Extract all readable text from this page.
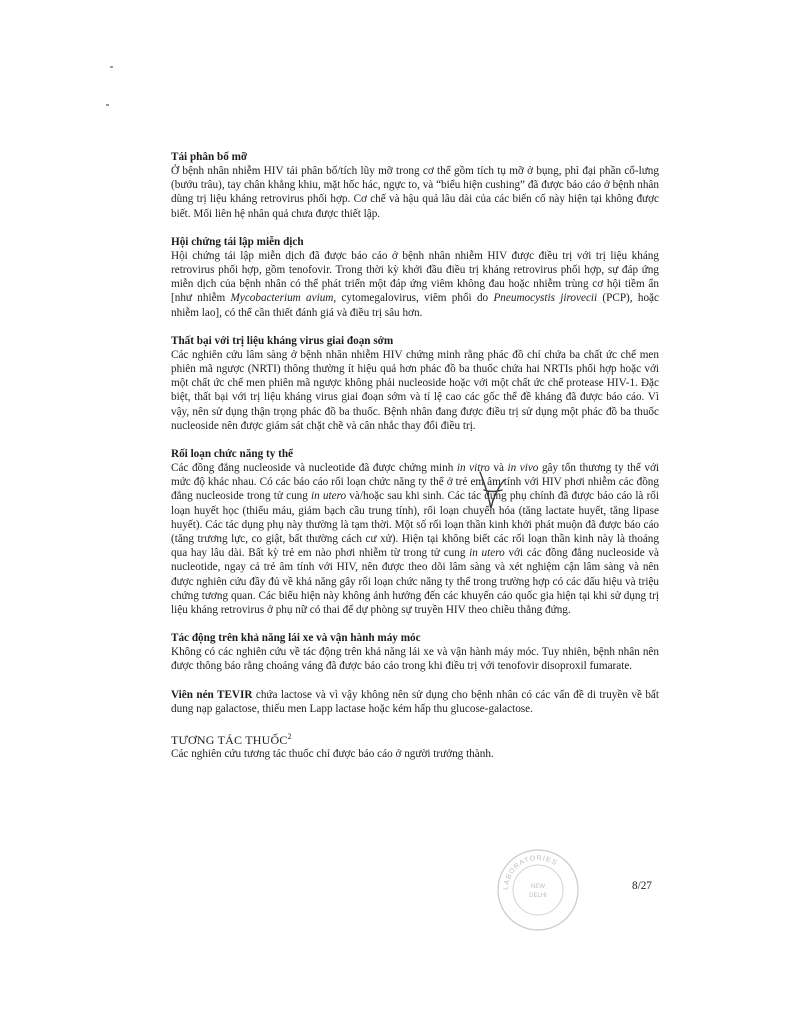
Tái phân bố mỡ

Ở bệnh nhân nhiễm HIV tái phân bố/tích lũy mỡ trong cơ thể gồm tích tụ mỡ ở bụng, phì đại phần cổ-lưng (bướu trâu), tay chân khẳng khiu, mặt hốc hác, ngực to, và “biểu hiện cushing” đã được báo cáo ở bệnh nhân dùng trị liệu kháng retrovirus phối hợp. Cơ chế và hậu quả lâu dài của các biến cố này hiện tại không được biết. Mối liên hệ nhân quả chưa được thiết lập.

Hội chứng tái lập miễn dịch

Hội chứng tái lập miễn dịch đã được báo cáo ở bệnh nhân nhiễm HIV được điều trị với trị liệu kháng retrovirus phối hợp, gồm tenofovir. Trong thời kỳ khởi đầu điều trị kháng retrovirus phối hợp, sự đáp ứng miễn dịch của bệnh nhân có thể phát triển một đáp ứng viêm không đau hoặc nhiễm trùng cơ hội tiềm ẩn [như nhiễm Mycobacterium avium, cytomegalovirus, viêm phổi do Pneumocystis jirovecii (PCP), hoặc nhiễm lao], có thể cần thiết đánh giá và điều trị sâu hơn.

Thất bại với trị liệu kháng virus giai đoạn sớm

Các nghiên cứu lâm sàng ở bệnh nhân nhiễm HIV chứng minh rằng phác đồ chỉ chứa ba chất ức chế men phiên mã ngược (NRTI) thông thường ít hiệu quả hơn phác đồ ba thuốc chứa hai NRTIs phối hợp hoặc với một chất ức chế men phiên mã ngược không phải nucleoside hoặc với một chất ức chế protease HIV-1. Đặc biệt, thất bại với trị liệu kháng virus giai đoạn sớm và tỉ lệ cao các gốc thể đề kháng đã được báo cáo. Vì vậy, nên sử dụng thận trọng phác đồ ba thuốc. Bệnh nhân đang được điều trị sử dụng một phác đồ ba thuốc nucleoside nên được giám sát chặt chẽ và cân nhắc thay đổi điều trị.

Rối loạn chức năng ty thể

Các đồng đẳng nucleoside và nucleotide đã được chứng minh in vitro và in vivo gây tổn thương ty thể với mức độ khác nhau. Có các báo cáo rối loạn chức năng ty thể ở trẻ em âm tính với HIV phơi nhiễm các đồng đẳng nucleoside trong tử cung in utero và/hoặc sau khi sinh. Các tác dụng phụ chính đã được báo cáo là rối loạn huyết học (thiếu máu, giảm bạch cầu trung tính), rối loạn chuyển hóa (tăng lactate huyết, tăng lipase huyết). Các tác dụng phụ này thường là tạm thời. Một số rối loạn thần kinh khởi phát muộn đã được báo cáo (tăng trương lực, co giật, bất thường cách cư xử). Hiện tại không biết các rối loạn thần kinh này là thoáng qua hay lâu dài. Bất kỳ trẻ em nào phơi nhiễm từ trong tử cung in utero với các đồng đẳng nucleoside và nucleotide, ngay cả trẻ âm tính với HIV, nên được theo dõi lâm sàng và xét nghiệm cận lâm sàng và nên được nghiên cứu đầy đủ về khả năng gây rối loạn chức năng ty thể trong trường hợp có các dấu hiệu và triệu chứng tương quan. Các biểu hiện này không ảnh hưởng đến các khuyến cáo quốc gia hiện tại khi sử dụng trị liệu kháng retrovirus ở phụ nữ có thai để dự phòng sự truyền HIV theo chiều thẳng đứng.

Tác động trên khả năng lái xe và vận hành máy móc

Không có các nghiên cứu về tác động trên khả năng lái xe và vận hành máy móc. Tuy nhiên, bệnh nhân nên được thông báo rằng choáng váng đã được báo cáo trong khi điều trị với tenofovir disoproxil fumarate.

Viên nén TEVIR chứa lactose và vì vậy không nên sử dụng cho bệnh nhân có các vấn đề di truyền về bất dung nạp galactose, thiếu men Lapp lactase hoặc kém hấp thu glucose-galactose.

TƯƠNG TÁC THUỐC$^2$

Các nghiên cứu tương tác thuốc chỉ được báo cáo ở người trưởng thành.

LABORATORIES
NEW
DELHI
8/27
